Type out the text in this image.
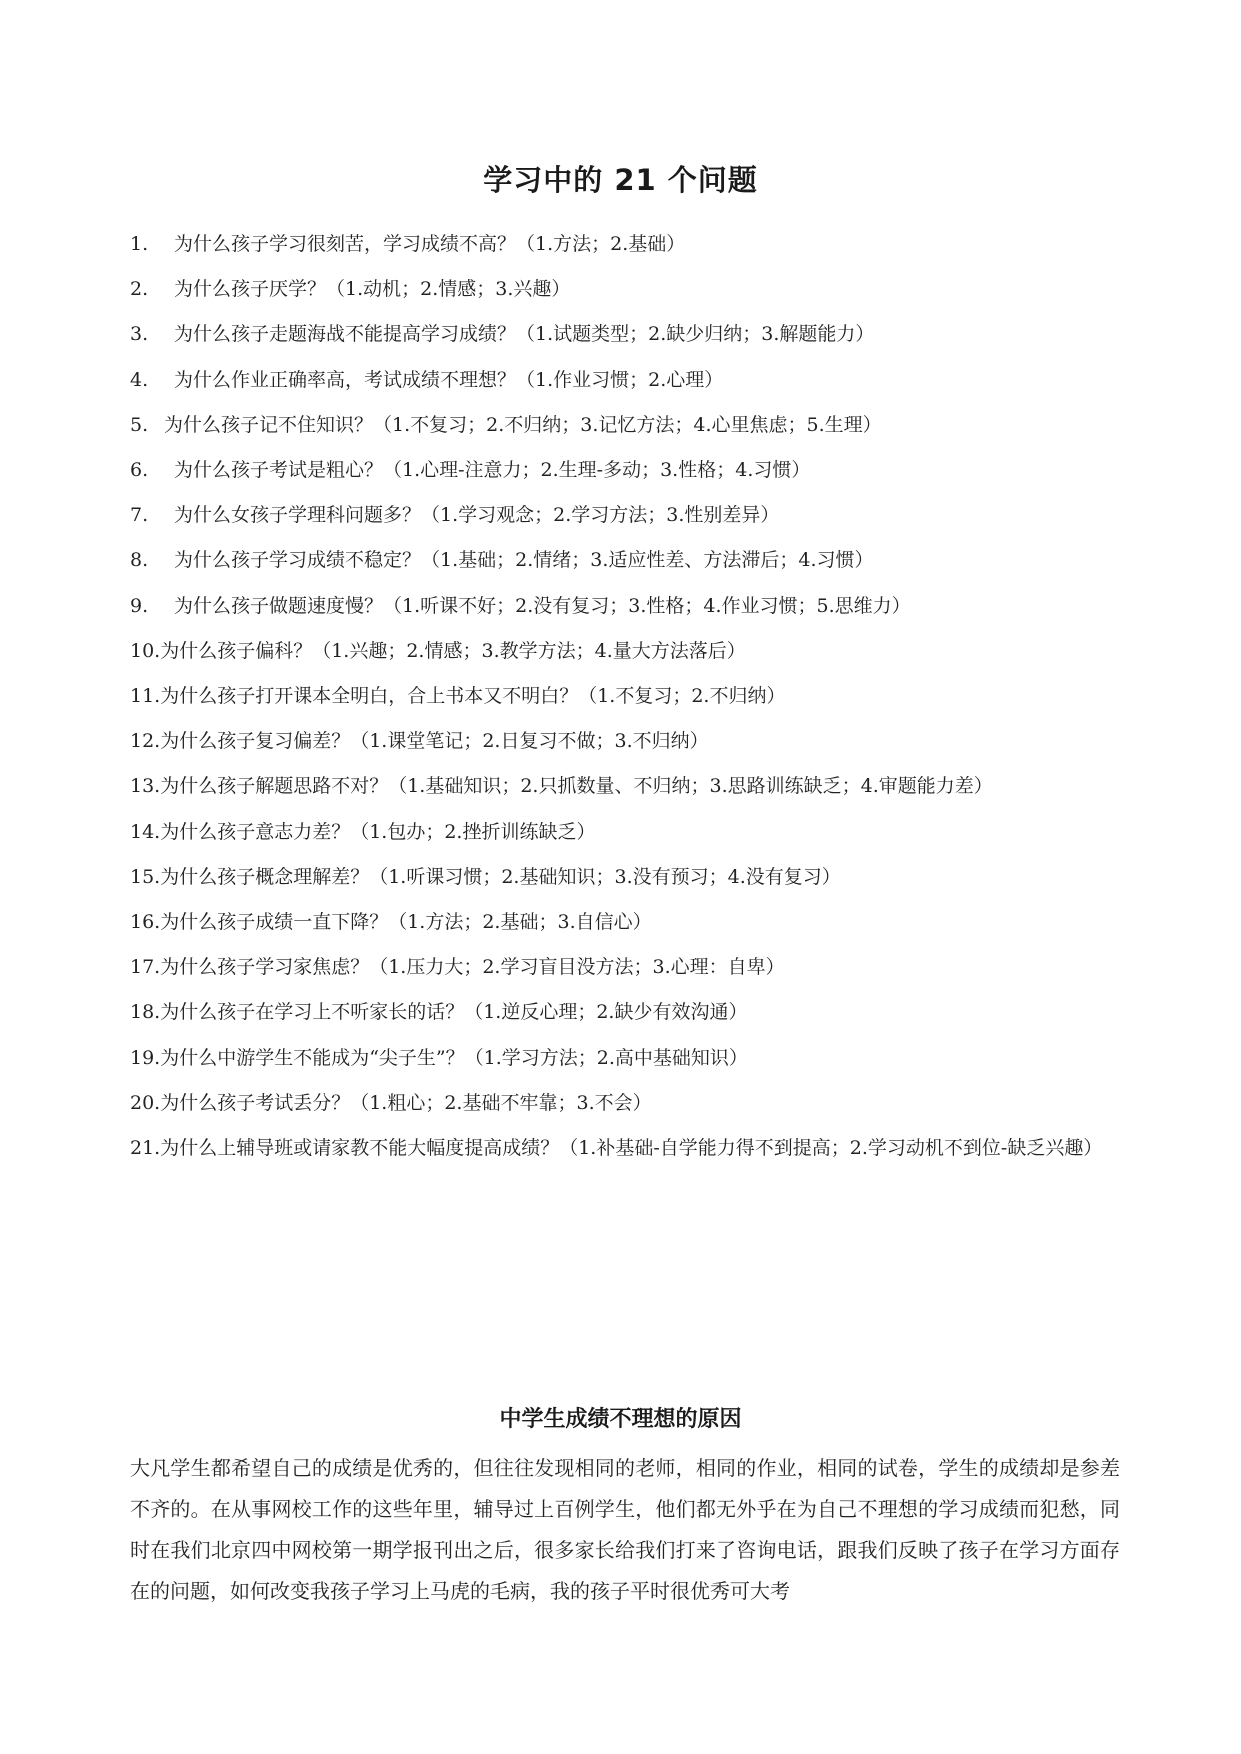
学习中的 21 个问题
1. 为什么孩子学习很刻苦，学习成绩不高？（1.方法；2.基础）
2. 为什么孩子厌学？（1.动机；2.情感；3.兴趣）
3. 为什么孩子走题海战不能提高学习成绩？（1.试题类型；2.缺少归纳；3.解题能力）
4. 为什么作业正确率高，考试成绩不理想？（1.作业习惯；2.心理）
5. 为什么孩子记不住知识？（1.不复习；2.不归纳；3.记忆方法；4.心里焦虑；5.生理）
6. 为什么孩子考试是粗心？（1.心理-注意力；2.生理-多动；3.性格；4.习惯）
7. 为什么女孩子学理科问题多？（1.学习观念；2.学习方法；3.性别差异）
8. 为什么孩子学习成绩不稳定？（1.基础；2.情绪；3.适应性差、方法滞后；4.习惯）
9. 为什么孩子做题速度慢？（1.听课不好；2.没有复习；3.性格；4.作业习惯；5.思维力）
10.为什么孩子偏科？（1.兴趣；2.情感；3.教学方法；4.量大方法落后）
11.为什么孩子打开课本全明白，合上书本又不明白？（1.不复习；2.不归纳）
12.为什么孩子复习偏差？（1.课堂笔记；2.日复习不做；3.不归纳）
13.为什么孩子解题思路不对？（1.基础知识；2.只抓数量、不归纳；3.思路训练缺乏；4.审题能力差）
14.为什么孩子意志力差？（1.包办；2.挫折训练缺乏）
15.为什么孩子概念理解差？（1.听课习惯；2.基础知识；3.没有预习；4.没有复习）
16.为什么孩子成绩一直下降？（1.方法；2.基础；3.自信心）
17.为什么孩子学习家焦虑？（1.压力大；2.学习盲目没方法；3.心理：自卑）
18.为什么孩子在学习上不听家长的话？（1.逆反心理；2.缺少有效沟通）
19.为什么中游学生不能成为“尖子生”？（1.学习方法；2.高中基础知识）
20.为什么孩子考试丢分？（1.粗心；2.基础不牢靠；3.不会）
21.为什么上辅导班或请家教不能大幅度提高成绩？（1.补基础-自学能力得不到提高；2.学习动机不到位-缺乏兴趣）
中学生成绩不理想的原因

大凡学生都希望自己的成绩是优秀的，但往往发现相同的老师，相同的作业，相同的试卷，学生的成绩却是参差不齐的。在从事网校工作的这些年里，辅导过上百例学生，他们都无外乎在为自己不理想的学习成绩而犯愁，同时在我们北京四中网校第一期学报刊出之后，很多家长给我们打来了咨询电话，跟我们反映了孩子在学习方面存在的问题，如何改变我孩子学习上马虎的毛病，我的孩子平时很优秀可大考
